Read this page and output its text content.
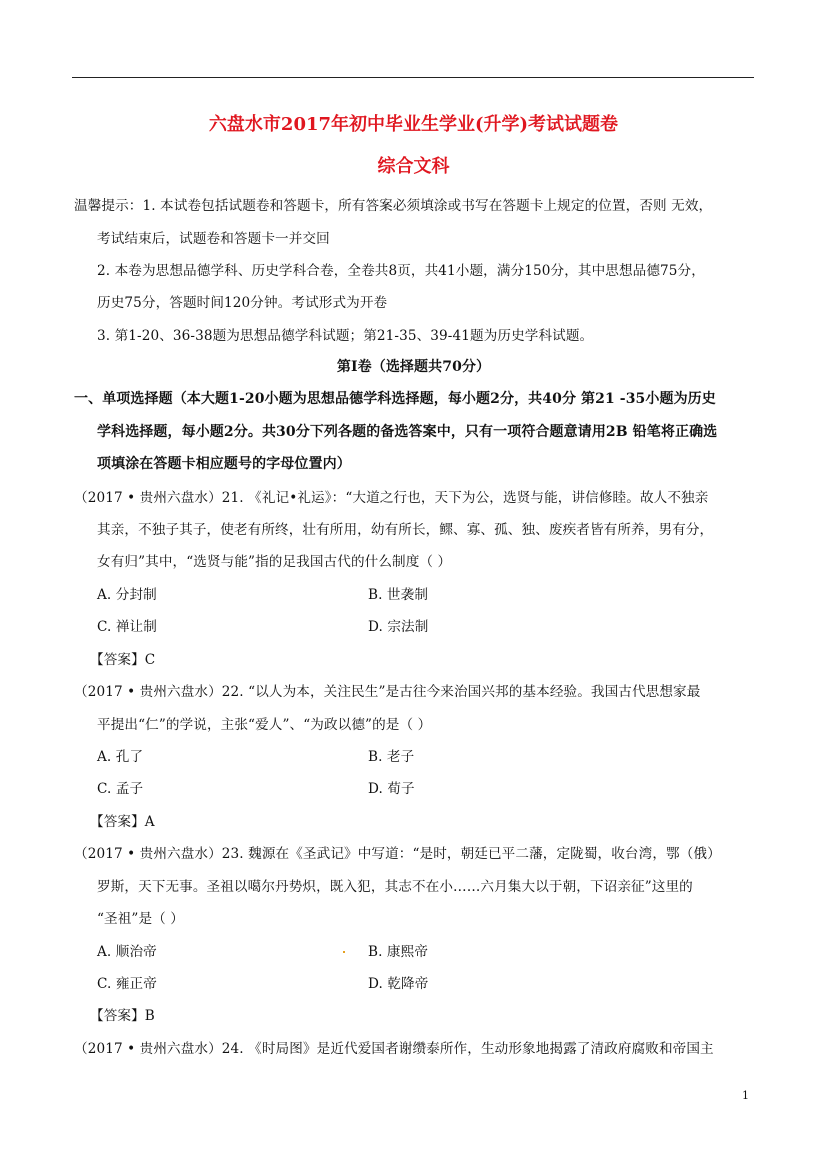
六盘水市2017年初中毕业生学业(升学)考试试题卷
综合文科
温馨提示：1. 本试卷包括试题卷和答题卡，所有答案必须填涂或书写在答题卡上规定的位置，否则 无效，
考试结束后，试题卷和答题卡一并交回
2. 本卷为思想品德学科、历史学科合卷，全卷共8页，共41小题，满分150分，其中思想品德75分，
历史75分，答题时间120分钟。考试形式为开卷
3. 第1-20、36-38题为思想品德学科试题；第21-35、39-41题为历史学科试题。
第Ⅰ卷（选择题共70分）
一、单项选择题（本大题1-20小题为思想品德学科选择题，每小题2分，共40分 第21 -35小题为历史
学科选择题，每小题2分。共30分下列各题的备选答案中，只有一项符合题意请用2B 铅笔将正确选
项填涂在答题卡相应题号的字母位置内）
（2017 • 贵州六盘水）21. 《礼记•礼运》：“大道之行也，天下为公，选贤与能，讲信修睦。故人不独亲
其亲，不独子其子，使老有所终，壮有所用，幼有所长，鳏、寡、孤、独、废疾者皆有所养，男有分，
女有归”其中，“选贤与能”指的足我国古代的什么制度（ ）
A. 分封制	B. 世袭制
C. 禅让制	D. 宗法制
【答案】C
（2017 • 贵州六盘水）22. “以人为本，关注民生”是古往今来治国兴邦的基本经验。我国古代思想家最
平提出“仁”的学说，主张“爱人”、“为政以德”的是（ ）
A. 孔了	B. 老子
C. 孟子	D. 荀子
【答案】A
（2017 • 贵州六盘水）23. 魏源在《圣武记》中写道：“是时，朝廷已平二藩，定陇蜀，收台湾，鄂（俄）
罗斯，天下无事。圣祖以噶尔丹势炽，既入犯，其志不在小……六月集大以于朝，下诏亲征”这里的
“圣祖”是（ ）
A. 顺治帝	B. 康熙帝
C. 雍正帝	D. 乾降帝
【答案】B
（2017 • 贵州六盘水）24. 《时局图》是近代爱国者谢缵泰所作，生动形象地揭露了清政府腐败和帝国主
1
